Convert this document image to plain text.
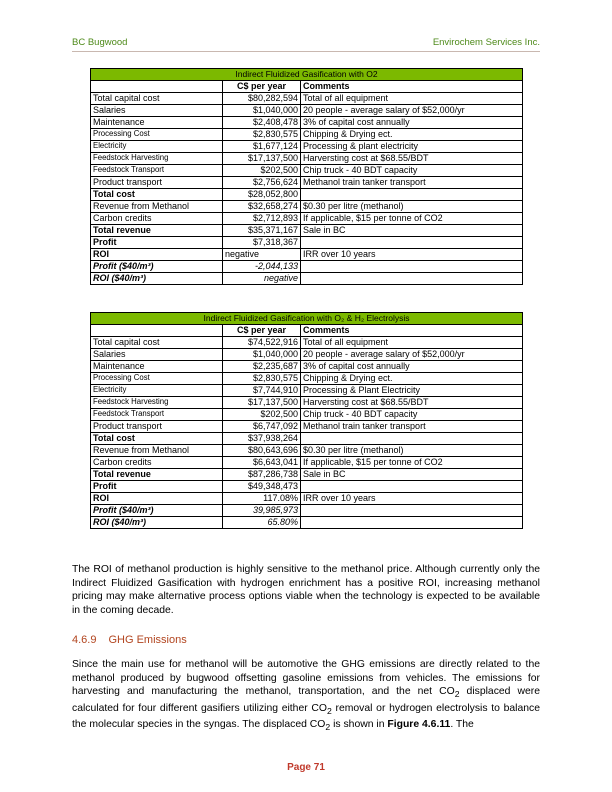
BC Bugwood	Envirochem Services Inc.
Indirect Fluidized Gasification with O2		
	C$ per year	Comments
Total capital cost	$80,282,594	Total of all equipment
Salaries	$1,040,000	20 people - average salary of $52,000/yr
Maintenance	$2,408,478	3% of capital cost annually
Processing Cost	$2,830,575	Chipping & Drying ect.
Electricity	$1,677,124	Processing & plant electricity
Feedstock Harvesting	$17,137,500	Harversting cost at $68.55/BDT
Feedstock Transport	$202,500	Chip truck - 40 BDT capacity
Product transport	$2,756,624	Methanol train tanker transport
Total cost	$28,052,800	
Revenue from Methanol	$32,658,274	$0.30 per litre (methanol)
Carbon credits	$2,712,893	If applicable, $15 per tonne of CO2
Total revenue	$35,371,167	Sale in BC
Profit	$7,318,367	
ROI	negative	IRR over 10 years
Profit ($40/m³)	-2,044,133	
ROI ($40/m³)	negative	
Indirect Fluidized Gasification with O₂ & H₂ Electrolysis		
	C$ per year	Comments
Total capital cost	$74,522,916	Total of all equipment
Salaries	$1,040,000	20 people - average salary of $52,000/yr
Maintenance	$2,235,687	3% of capital cost annually
Processing Cost	$2,830,575	Chipping & Drying ect.
Electricity	$7,744,910	Processing & Plant Electricity
Feedstock Harvesting	$17,137,500	Harversting cost at $68.55/BDT
Feedstock Transport	$202,500	Chip truck - 40 BDT capacity
Product transport	$6,747,092	Methanol train tanker transport
Total cost	$37,938,264	
Revenue from Methanol	$80,643,696	$0.30 per litre (methanol)
Carbon credits	$6,643,041	If applicable, $15 per tonne of CO2
Total revenue	$87,286,738	Sale in BC
Profit	$49,348,473	
ROI	117.08%	IRR over 10 years
Profit ($40/m³)	39,985,973	
ROI ($40/m³)	65.80%	
The ROI of methanol production is highly sensitive to the methanol price. Although currently only the Indirect Fluidized Gasification with hydrogen enrichment has a positive ROI, increasing methanol pricing may make alternative process options viable when the technology is expected to be available in the coming decade.
4.6.9 GHG Emissions
Since the main use for methanol will be automotive the GHG emissions are directly related to the methanol produced by bugwood offsetting gasoline emissions from vehicles. The emissions for harvesting and manufacturing the methanol, transportation, and the net $CO_2$ displaced were calculated for four different gasifiers utilizing either $CO_2$ removal or hydrogen electrolysis to balance the molecular species in the syngas. The displaced $CO_2$ is shown in Figure 4.6.11. The
Page 71
